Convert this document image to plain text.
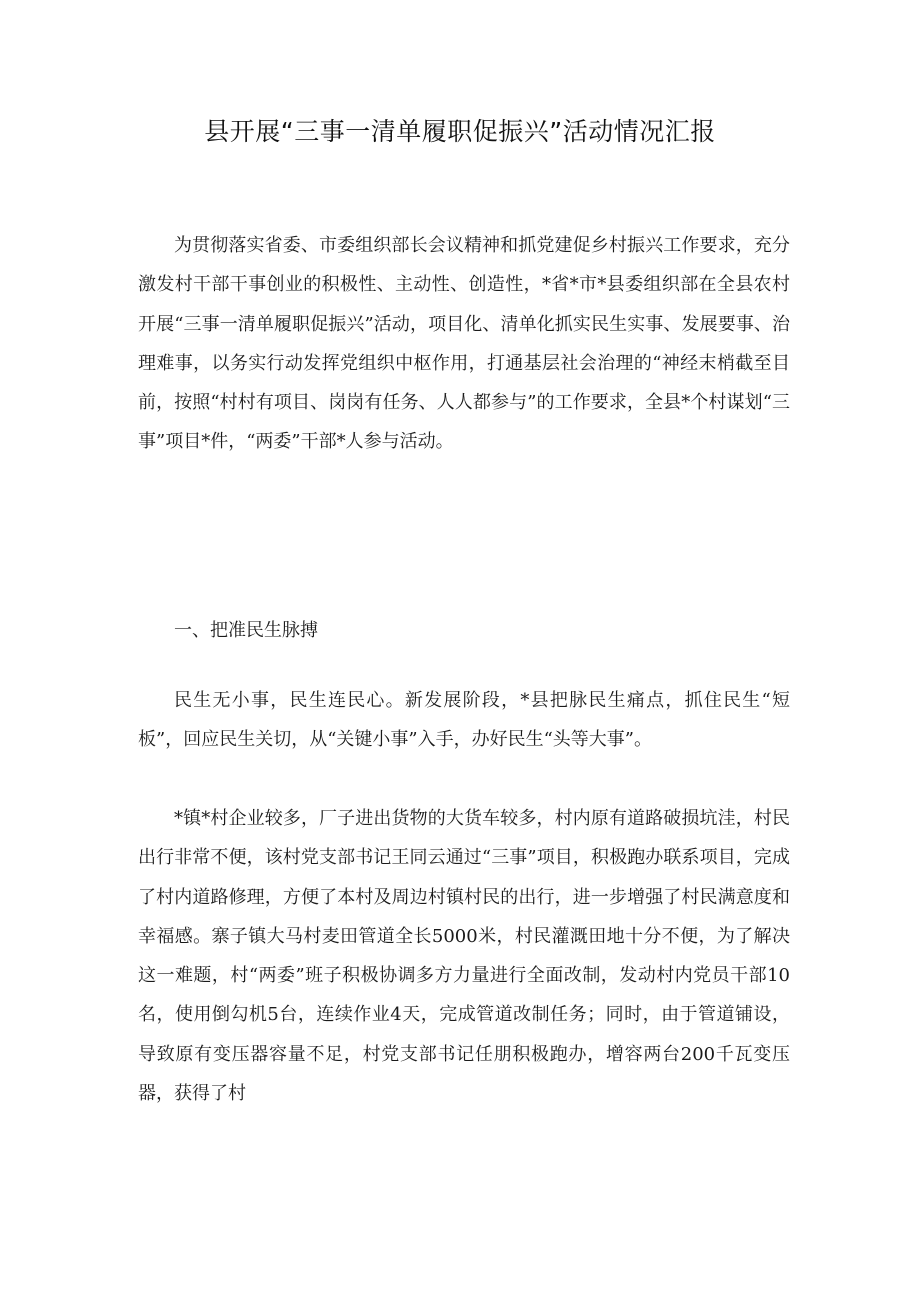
县开展“三事一清单履职促振兴”活动情况汇报

为贯彻落实省委、市委组织部长会议精神和抓党建促乡村振兴工作要求，充分激发村干部干事创业的积极性、主动性、创造性，*省*市*县委组织部在全县农村开展“三事一清单履职促振兴”活动，项目化、清单化抓实民生实事、发展要事、治理难事，以务实行动发挥党组织中枢作用，打通基层社会治理的“神经末梢截至目前，按照“村村有项目、岗岗有任务、人人都参与”的工作要求，全县*个村谋划“三事”项目*件，“两委”干部*人参与活动。

一、把准民生脉搏

民生无小事，民生连民心。新发展阶段，*县把脉民生痛点，抓住民生“短板”，回应民生关切，从“关键小事”入手，办好民生“头等大事”。

*镇*村企业较多，厂子进出货物的大货车较多，村内原有道路破损坑洼，村民出行非常不便，该村党支部书记王同云通过“三事”项目，积极跑办联系项目，完成了村内道路修理，方便了本村及周边村镇村民的出行，进一步增强了村民满意度和幸福感。寨子镇大马村麦田管道全长5000米，村民灌溉田地十分不便，为了解决这一难题，村“两委”班子积极协调多方力量进行全面改制，发动村内党员干部10名，使用倒勾机5台，连续作业4天，完成管道改制任务；同时，由于管道铺设，导致原有变压器容量不足，村党支部书记任朋积极跑办，增容两台200千瓦变压器，获得了村
